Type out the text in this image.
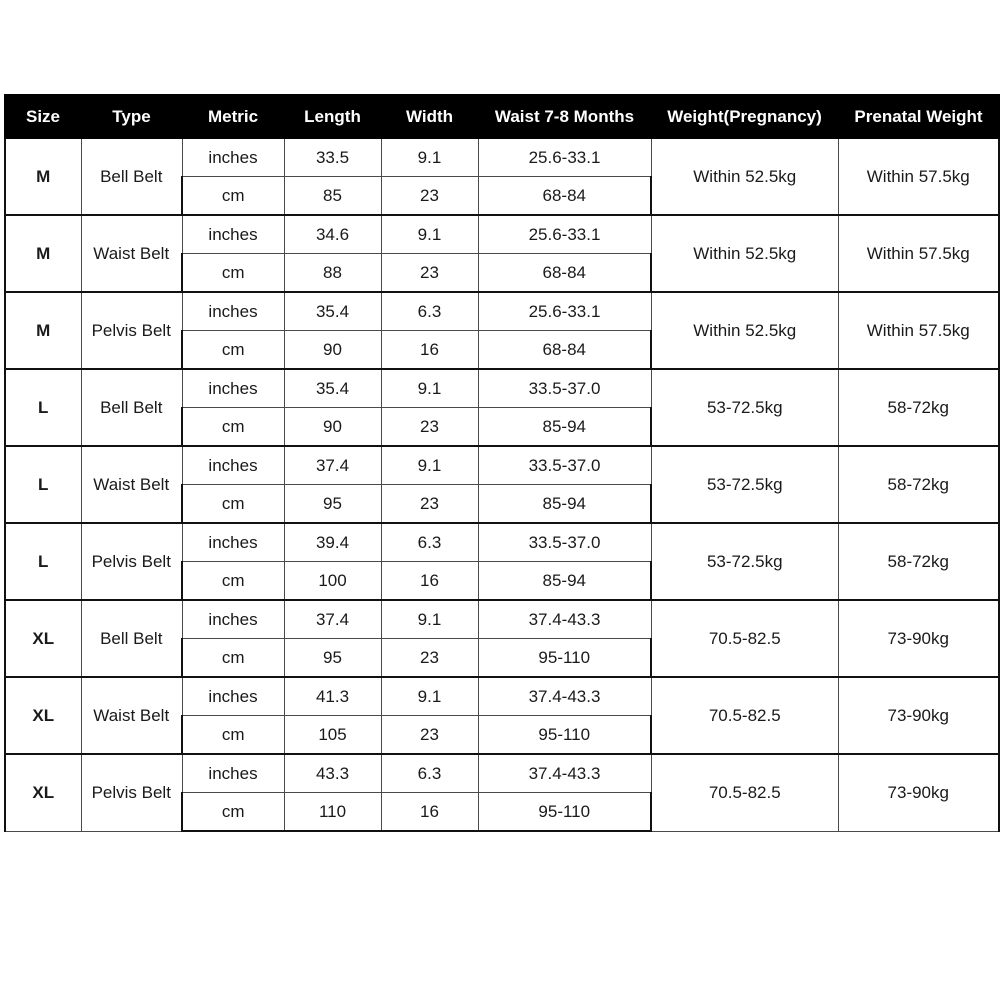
Size	Type	Metric	Length	Width	Waist 7-8 Months	Weight(Pregnancy)	Prenatal Weight
M	Bell Belt	inches	33.5	9.1	25.6-33.1	Within 52.5kg	Within 57.5kg
		cm	85	23	68-84		
M	Waist Belt	inches	34.6	9.1	25.6-33.1	Within 52.5kg	Within 57.5kg
		cm	88	23	68-84		
M	Pelvis Belt	inches	35.4	6.3	25.6-33.1	Within 52.5kg	Within 57.5kg
		cm	90	16	68-84		
L	Bell Belt	inches	35.4	9.1	33.5-37.0	53-72.5kg	58-72kg
		cm	90	23	85-94		
L	Waist Belt	inches	37.4	9.1	33.5-37.0	53-72.5kg	58-72kg
		cm	95	23	85-94		
L	Pelvis Belt	inches	39.4	6.3	33.5-37.0	53-72.5kg	58-72kg
		cm	100	16	85-94		
XL	Bell Belt	inches	37.4	9.1	37.4-43.3	70.5-82.5	73-90kg
		cm	95	23	95-110		
XL	Waist Belt	inches	41.3	9.1	37.4-43.3	70.5-82.5	73-90kg
		cm	105	23	95-110		
XL	Pelvis Belt	inches	43.3	6.3	37.4-43.3	70.5-82.5	73-90kg
		cm	110	16	95-110		
